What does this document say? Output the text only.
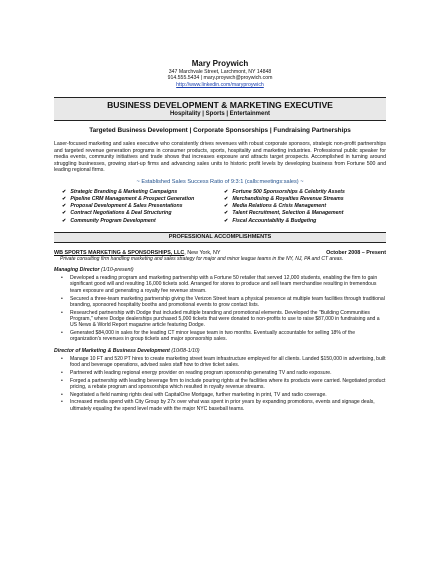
Mary Proywich
347 Marchvale Street, Larchmont, NY 14848
914.555.5434 | mary.proywch@proywich.com
http://www.linkedin.com/maryproywich
BUSINESS DEVELOPMENT & MARKETING EXECUTIVE
Hospitality | Sports | Entertainment
Targeted Business Development | Corporate Sponsorships | Fundraising Partnerships
Laser-focused marketing and sales executive who consistently drives revenues with robust corporate sponsors, strategic non-profit partnerships and targeted revenue generation programs in consumer products, sports, hospitality and marketing industries. Professional public speaker for media events, community initiatives and trade shows that increases exposure and attracts target prospects. Accomplished in turning around struggling businesses, growing start-up firms and advancing sales units to historic profit levels by developing business from Fortune 500 and leading regional firms.
~ Established Sales Success Ratio of 9:3:1 (calls:meetings:sales) ~
✔ Strategic Branding & Marketing Campaigns
✔ Pipeline CRM Management & Prospect Generation
✔ Proposal Development & Sales Presentations
✔ Contract Negotiations & Deal Structuring
✔ Community Program Development
✔ Fortune 500 Sponsorships & Celebrity Assets
✔ Merchandising & Royalties Revenue Streams
✔ Media Relations & Crisis Management
✔ Talent Recruitment, Selection & Management
✔ Fiscal Accountability & Budgeting
PROFESSIONAL ACCOMPLISHMENTS
WB SPORTS MARKETING & SPONSORSHIPS, LLC, New York, NY	October 2008 – Present
Private consulting firm handling marketing and sales strategy for major and minor league teams in the NY, NJ, PA and CT areas.
Managing Director (1/10-present)
• Developed a reading program and marketing partnership with a Fortune 50 retailer that served 12,000 students, enabling the firm to gain significant good will and resulting 16,000 tickets sold. Arranged for stores to produce and sell team merchandise resulting in tremendous team exposure and generating a royalty fee revenue stream.
• Secured a three-team marketing partnership giving the Verizon Street team a physical presence at multiple team facilities through traditional branding, sponsored hospitality booths and promotional events to grow contact lists.
• Researched partnership with Dodge that included multiple branding and promotional elements. Developed the "Building Communities Program," where Dodge dealerships purchased 5,000 tickets that were donated to non-profits to use to raise $87,000 in fundraising and a US News & World Report magazine article featuring Dodge.
• Generated $84,000 in sales for the leading CT minor league team in two months. Eventually accountable for selling 18% of the organization's revenues in group tickets and major sponsorship sales.
Director of Marketing & Business Development (10/08-1/10)
• Manage 10 FT and 520 PT hires to create marketing street team infrastructure employed for all clients. Landed $150,000 in advertising, built food and beverage operations, advised sales staff how to drive ticket sales.
• Partnered with leading regional energy provider on reading program sponsorship generating TV and radio exposure.
• Forged a partnership with leading beverage firm to include pouring rights at the facilities where its products were carried. Negotiated product pricing, a rebate program and sponsorships which resulted in royalty revenue streams.
• Negotiated a field naming rights deal with CapitalOne Mortgage, further marketing in print, TV and radio coverage.
• Increased media spend with City Group by 27x over what was spent in prior years by expanding promotions, events and signage deals, ultimately equaling the spend level made with the major NYC baseball teams.
